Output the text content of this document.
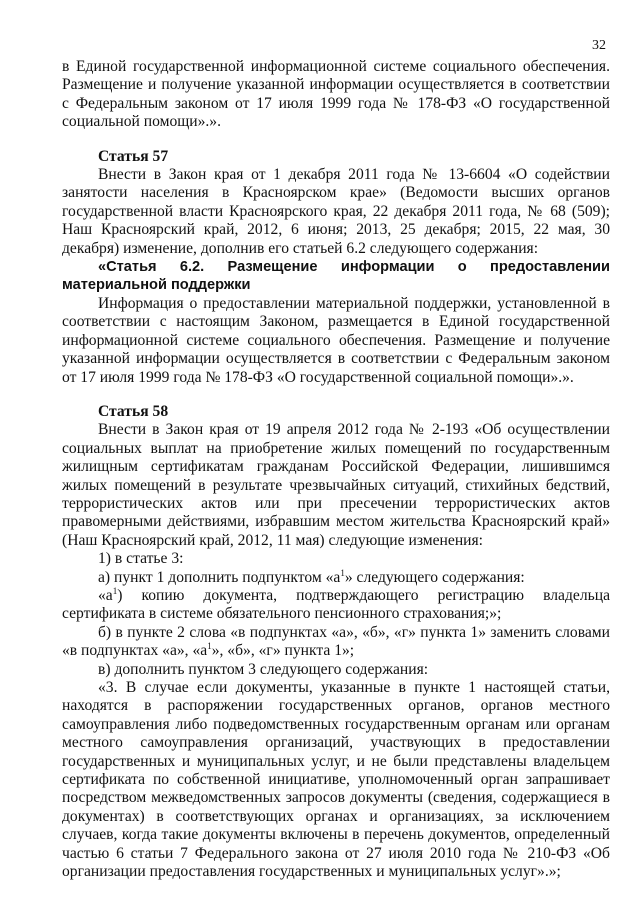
32

в Единой государственной информационной системе социального обеспечения. Размещение и получение указанной информации осуществляется в соответствии с Федеральным законом от 17 июля 1999 года № 178-ФЗ «О государственной социальной помощи».».

Статья 57

Внести в Закон края от 1 декабря 2011 года № 13-6604 «О содействии занятости населения в Красноярском крае» (Ведомости высших органов государственной власти Красноярского края, 22 декабря 2011 года, № 68 (509); Наш Красноярский край, 2012, 6 июня; 2013, 25 декабря; 2015, 22 мая, 30 декабря) изменение, дополнив его статьей 6.2 следующего содержания:

«Статья 6.2. Размещение информации о предоставлении материальной поддержки

Информация о предоставлении материальной поддержки, установленной в соответствии с настоящим Законом, размещается в Единой государственной информационной системе социального обеспечения. Размещение и получение указанной информации осуществляется в соответствии с Федеральным законом от 17 июля 1999 года № 178-ФЗ «О государственной социальной помощи».».

Статья 58

Внести в Закон края от 19 апреля 2012 года № 2-193 «Об осуществлении социальных выплат на приобретение жилых помещений по государственным жилищным сертификатам гражданам Российской Федерации, лишившимся жилых помещений в результате чрезвычайных ситуаций, стихийных бедствий, террористических актов или при пресечении террористических актов правомерными действиями, избравшим местом жительства Красноярский край» (Наш Красноярский край, 2012, 11 мая) следующие изменения:

1) в статье 3:

а) пункт 1 дополнить подпунктом «$а^1$» следующего содержания:

«$а^1$) копию документа, подтверждающего регистрацию владельца сертификата в системе обязательного пенсионного страхования;»;

б) в пункте 2 слова «в подпунктах «а», «б», «г» пункта 1» заменить словами «в подпунктах «а», «$а^1$», «б», «г» пункта 1»;

в) дополнить пунктом 3 следующего содержания:

«3. В случае если документы, указанные в пункте 1 настоящей статьи, находятся в распоряжении государственных органов, органов местного самоуправления либо подведомственных государственным органам или органам местного самоуправления организаций, участвующих в предоставлении государственных и муниципальных услуг, и не были представлены владельцем сертификата по собственной инициативе, уполномоченный орган запрашивает посредством межведомственных запросов документы (сведения, содержащиеся в документах) в соответствующих органах и организациях, за исключением случаев, когда такие документы включены в перечень документов, определенный частью 6 статьи 7 Федерального закона от 27 июля 2010 года № 210-ФЗ «Об организации предоставления государственных и муниципальных услуг».»;
